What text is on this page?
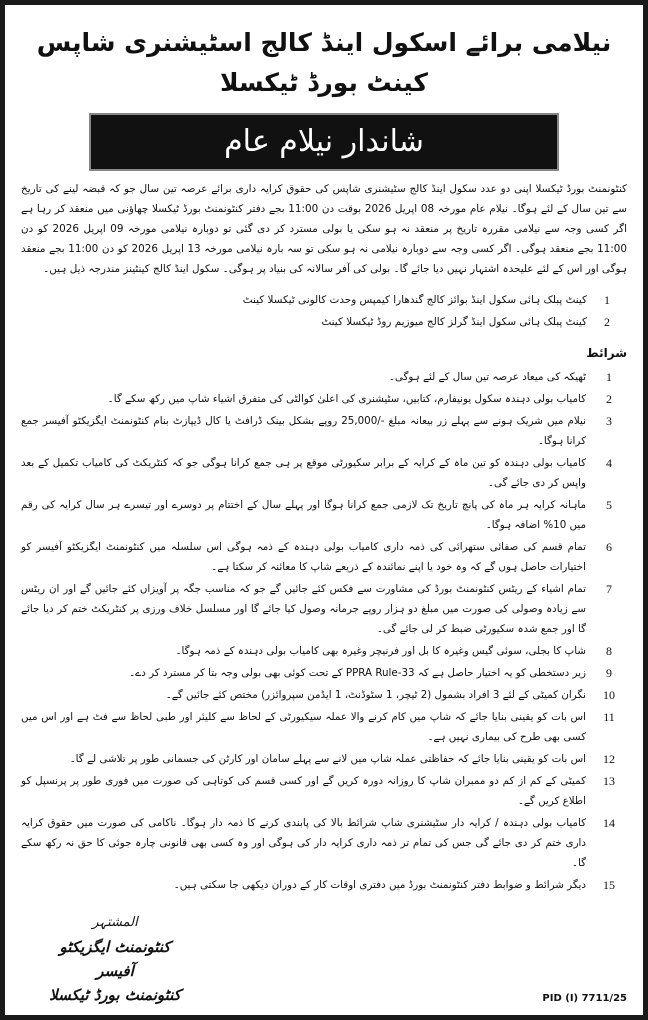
نیلامی برائے اسکول اینڈ کالج اسٹیشنری شاپس کینٹ بورڈ ٹیکسلا
شاندار نیلام عام
کنٹونمنٹ بورڈ ٹیکسلا اپنی دو عدد سکول اینڈ کالج سٹیشنری شاپس کی حقوق کرایہ داری برائے عرصہ تین سال جو کہ قبضہ لینے کی تاریخ سے تین سال کے لئے ہوگا۔ نیلام عام مورخہ 08 اپریل 2026 بوقت دن 11:00 بجے دفتر کنٹونمنٹ بورڈ ٹیکسلا چھاؤنی میں منعقد کر رہا ہے اگر کسی وجہ سے نیلامی مقررہ تاریخ پر منعقد نہ ہو سکی یا بولی مسترد کر دی گئی تو دوبارہ نیلامی مورخہ 09 اپریل 2026 کو دن 11:00 بجے منعقد ہوگی۔ اگر کسی وجہ سے دوبارہ نیلامی نہ ہو سکی تو سہ بارہ نیلامی مورخہ 13 اپریل 2026 کو دن 11:00 بجے منعقد ہوگی اور اس کے لئے علیحدہ اشتہار نہیں دیا جائے گا۔ بولی کی آفر سالانہ کی بنیاد پر ہوگی۔ سکول اینڈ کالج کینٹینز مندرجہ ذیل ہیں۔
1
کینٹ پبلک ہائی سکول اینڈ بوائز کالج گندھارا کیمپس وحدت کالونی ٹیکسلا کینٹ
2
کینٹ پبلک ہائی سکول اینڈ گرلز کالج میوزیم روڈ ٹیکسلا کینٹ
شرائط
1
ٹھیکہ کی میعاد عرصہ تین سال کے لئے ہوگی۔
2
کامیاب بولی دہندہ سکول یونیفارم، کتابیں، سٹیشنری کی اعلیٰ کوالٹی کی متفرق اشیاء شاپ میں رکھ سکے گا۔
3
نیلام میں شریک ہونے سے پہلے زر بیعانہ مبلغ -/25,000 روپے بشکل بینک ڈرافٹ یا کال ڈیپازٹ بنام کنٹونمنٹ ایگزیکٹو آفیسر جمع کرانا ہوگا۔
4
کامیاب بولی دہندہ کو تین ماہ کے کرایہ کے برابر سکیورٹی موقع پر ہی جمع کرانا ہوگی جو کہ کنٹریکٹ کی کامیاب تکمیل کے بعد واپس کر دی جائے گی۔
5
ماہانہ کرایہ ہر ماہ کی پانچ تاریخ تک لازمی جمع کرانا ہوگا اور پہلے سال کے اختتام پر دوسرے اور تیسرے ہر سال کرایہ کی رقم میں 10% اضافہ ہوگا۔
6
تمام قسم کی صفائی ستھرائی کی ذمہ داری کامیاب بولی دہندہ کے ذمہ ہوگی اس سلسلہ میں کنٹونمنٹ ایگزیکٹو آفیسر کو اختیارات حاصل ہوں گے کہ وہ خود یا اپنے نمائندہ کے ذریعے شاپ کا معائنہ کر سکتا ہے۔
7
تمام اشیاء کے ریٹس کنٹونمنٹ بورڈ کی مشاورت سے فکس کئے جائیں گے جو کہ مناسب جگہ پر آویزاں کئے جائیں گے اور ان ریٹس سے زیادہ وصولی کی صورت میں مبلغ دو ہزار روپے جرمانہ وصول کیا جائے گا اور مسلسل خلاف ورزی پر کنٹریکٹ ختم کر دیا جائے گا اور جمع شدہ سکیورٹی ضبط کر لی جائے گی۔
8
شاپ کا بجلی، سوئی گیس وغیرہ کا بل اور فرنیچر وغیرہ بھی کامیاب بولی دہندہ کے ذمہ ہوگا۔
9
زیر دستخطی کو یہ اختیار حاصل ہے کہ PPRA Rule-33 کے تحت کوئی بھی بولی وجہ بتا کر مسترد کر دے۔
10
نگران کمیٹی کے لئے 3 افراد بشمول (2 ٹیچر، 1 سٹوڈنٹ، 1 ایڈمن سپروائزر) مختص کئے جائیں گے۔
11
اس بات کو یقینی بنایا جائے کہ شاپ میں کام کرنے والا عملہ سیکیورٹی کے لحاظ سے کلیئر اور طبی لحاظ سے فٹ ہے اور اس میں کسی بھی طرح کی بیماری نہیں ہے۔
12
اس بات کو یقینی بنایا جائے کہ حفاظتی عملہ شاپ میں لانے سے پہلے سامان اور کارٹن کی جسمانی طور پر تلاشی لے گا۔
13
کمیٹی کے کم از کم دو ممبران شاپ کا روزانہ دورہ کریں گے اور کسی قسم کی کوتاہی کی صورت میں فوری طور پر پرنسپل کو اطلاع کریں گے۔
14
کامیاب بولی دہندہ / کرایہ دار سٹیشنری شاپ شرائط بالا کی پابندی کرنے کا ذمہ دار ہوگا۔ ناکامی کی صورت میں حقوق کرایہ داری ختم کر دی جائے گی جس کی تمام تر ذمہ داری کرایہ دار کی ہوگی اور وہ کسی بھی قانونی چارہ جوئی کا حق نہ رکھ سکے گا۔
15
دیگر شرائط و ضوابط دفتر کنٹونمنٹ بورڈ میں دفتری اوقات کار کے دوران دیکھی جا سکتی ہیں۔
المشتہر
کنٹونمنٹ ایگزیکٹو آفیسر
کنٹونمنٹ بورڈ ٹیکسلا	PID (I) 7711/25
